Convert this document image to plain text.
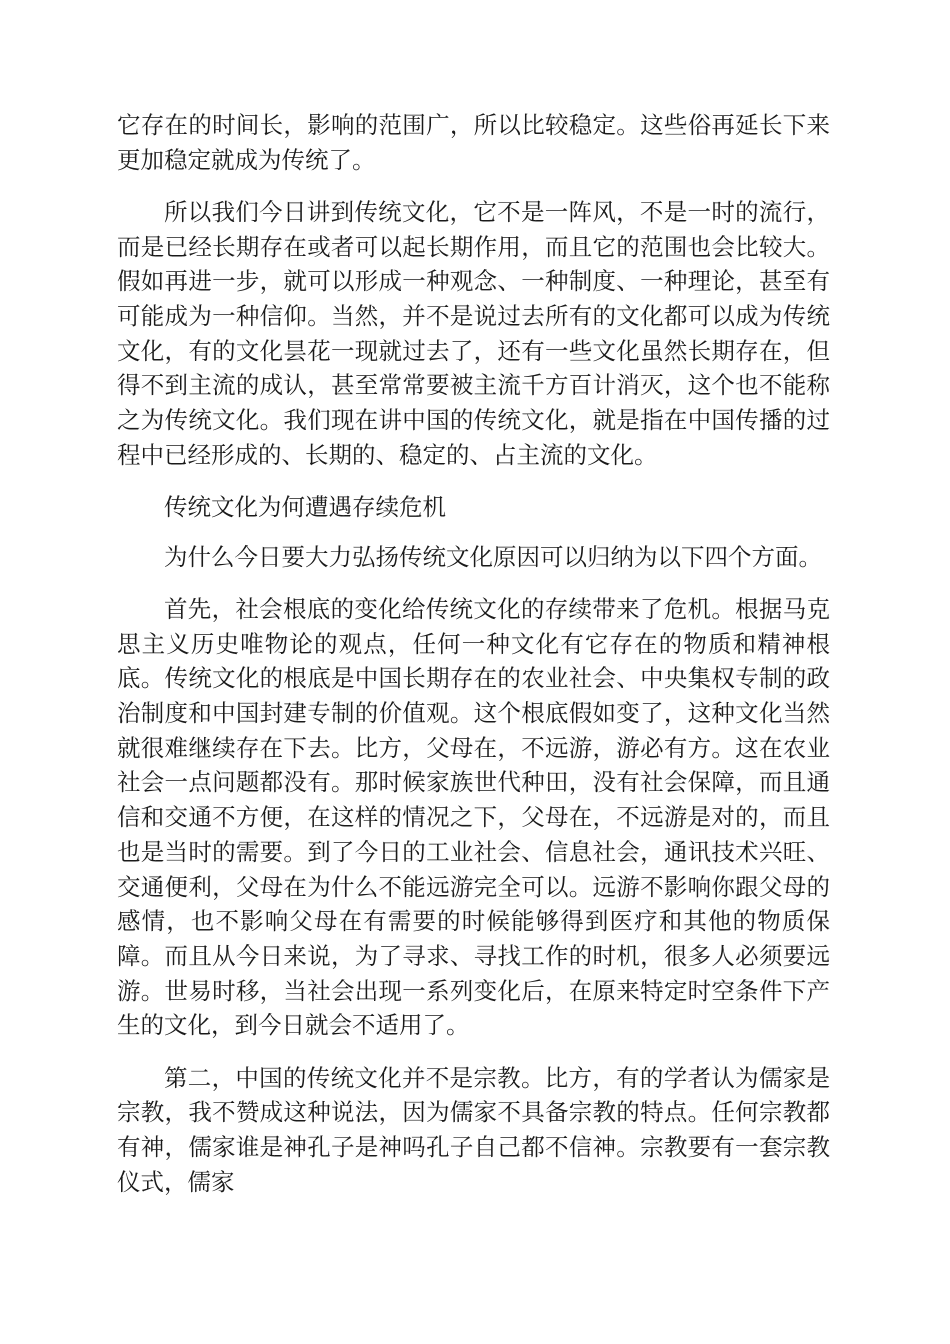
它存在的时间长，影响的范围广，所以比较稳定。这些俗再延长下来更加稳定就成为传统了。

所以我们今日讲到传统文化，它不是一阵风，不是一时的流行，而是已经长期存在或者可以起长期作用，而且它的范围也会比较大。假如再进一步，就可以形成一种观念、一种制度、一种理论，甚至有可能成为一种信仰。当然，并不是说过去所有的文化都可以成为传统文化，有的文化昙花一现就过去了，还有一些文化虽然长期存在，但得不到主流的成认，甚至常常要被主流千方百计消灭，这个也不能称之为传统文化。我们现在讲中国的传统文化，就是指在中国传播的过程中已经形成的、长期的、稳定的、占主流的文化。

传统文化为何遭遇存续危机

为什么今日要大力弘扬传统文化原因可以归纳为以下四个方面。

首先，社会根底的变化给传统文化的存续带来了危机。根据马克思主义历史唯物论的观点，任何一种文化有它存在的物质和精神根底。传统文化的根底是中国长期存在的农业社会、中央集权专制的政治制度和中国封建专制的价值观。这个根底假如变了，这种文化当然就很难继续存在下去。比方，父母在，不远游，游必有方。这在农业社会一点问题都没有。那时候家族世代种田，没有社会保障，而且通信和交通不方便，在这样的情况之下，父母在，不远游是对的，而且也是当时的需要。到了今日的工业社会、信息社会，通讯技术兴旺、交通便利，父母在为什么不能远游完全可以。远游不影响你跟父母的感情，也不影响父母在有需要的时候能够得到医疗和其他的物质保障。而且从今日来说，为了寻求、寻找工作的时机，很多人必须要远游。世易时移，当社会出现一系列变化后，在原来特定时空条件下产生的文化，到今日就会不适用了。

第二，中国的传统文化并不是宗教。比方，有的学者认为儒家是宗教，我不赞成这种说法，因为儒家不具备宗教的特点。任何宗教都有神，儒家谁是神孔子是神吗孔子自己都不信神。宗教要有一套宗教仪式，儒家
